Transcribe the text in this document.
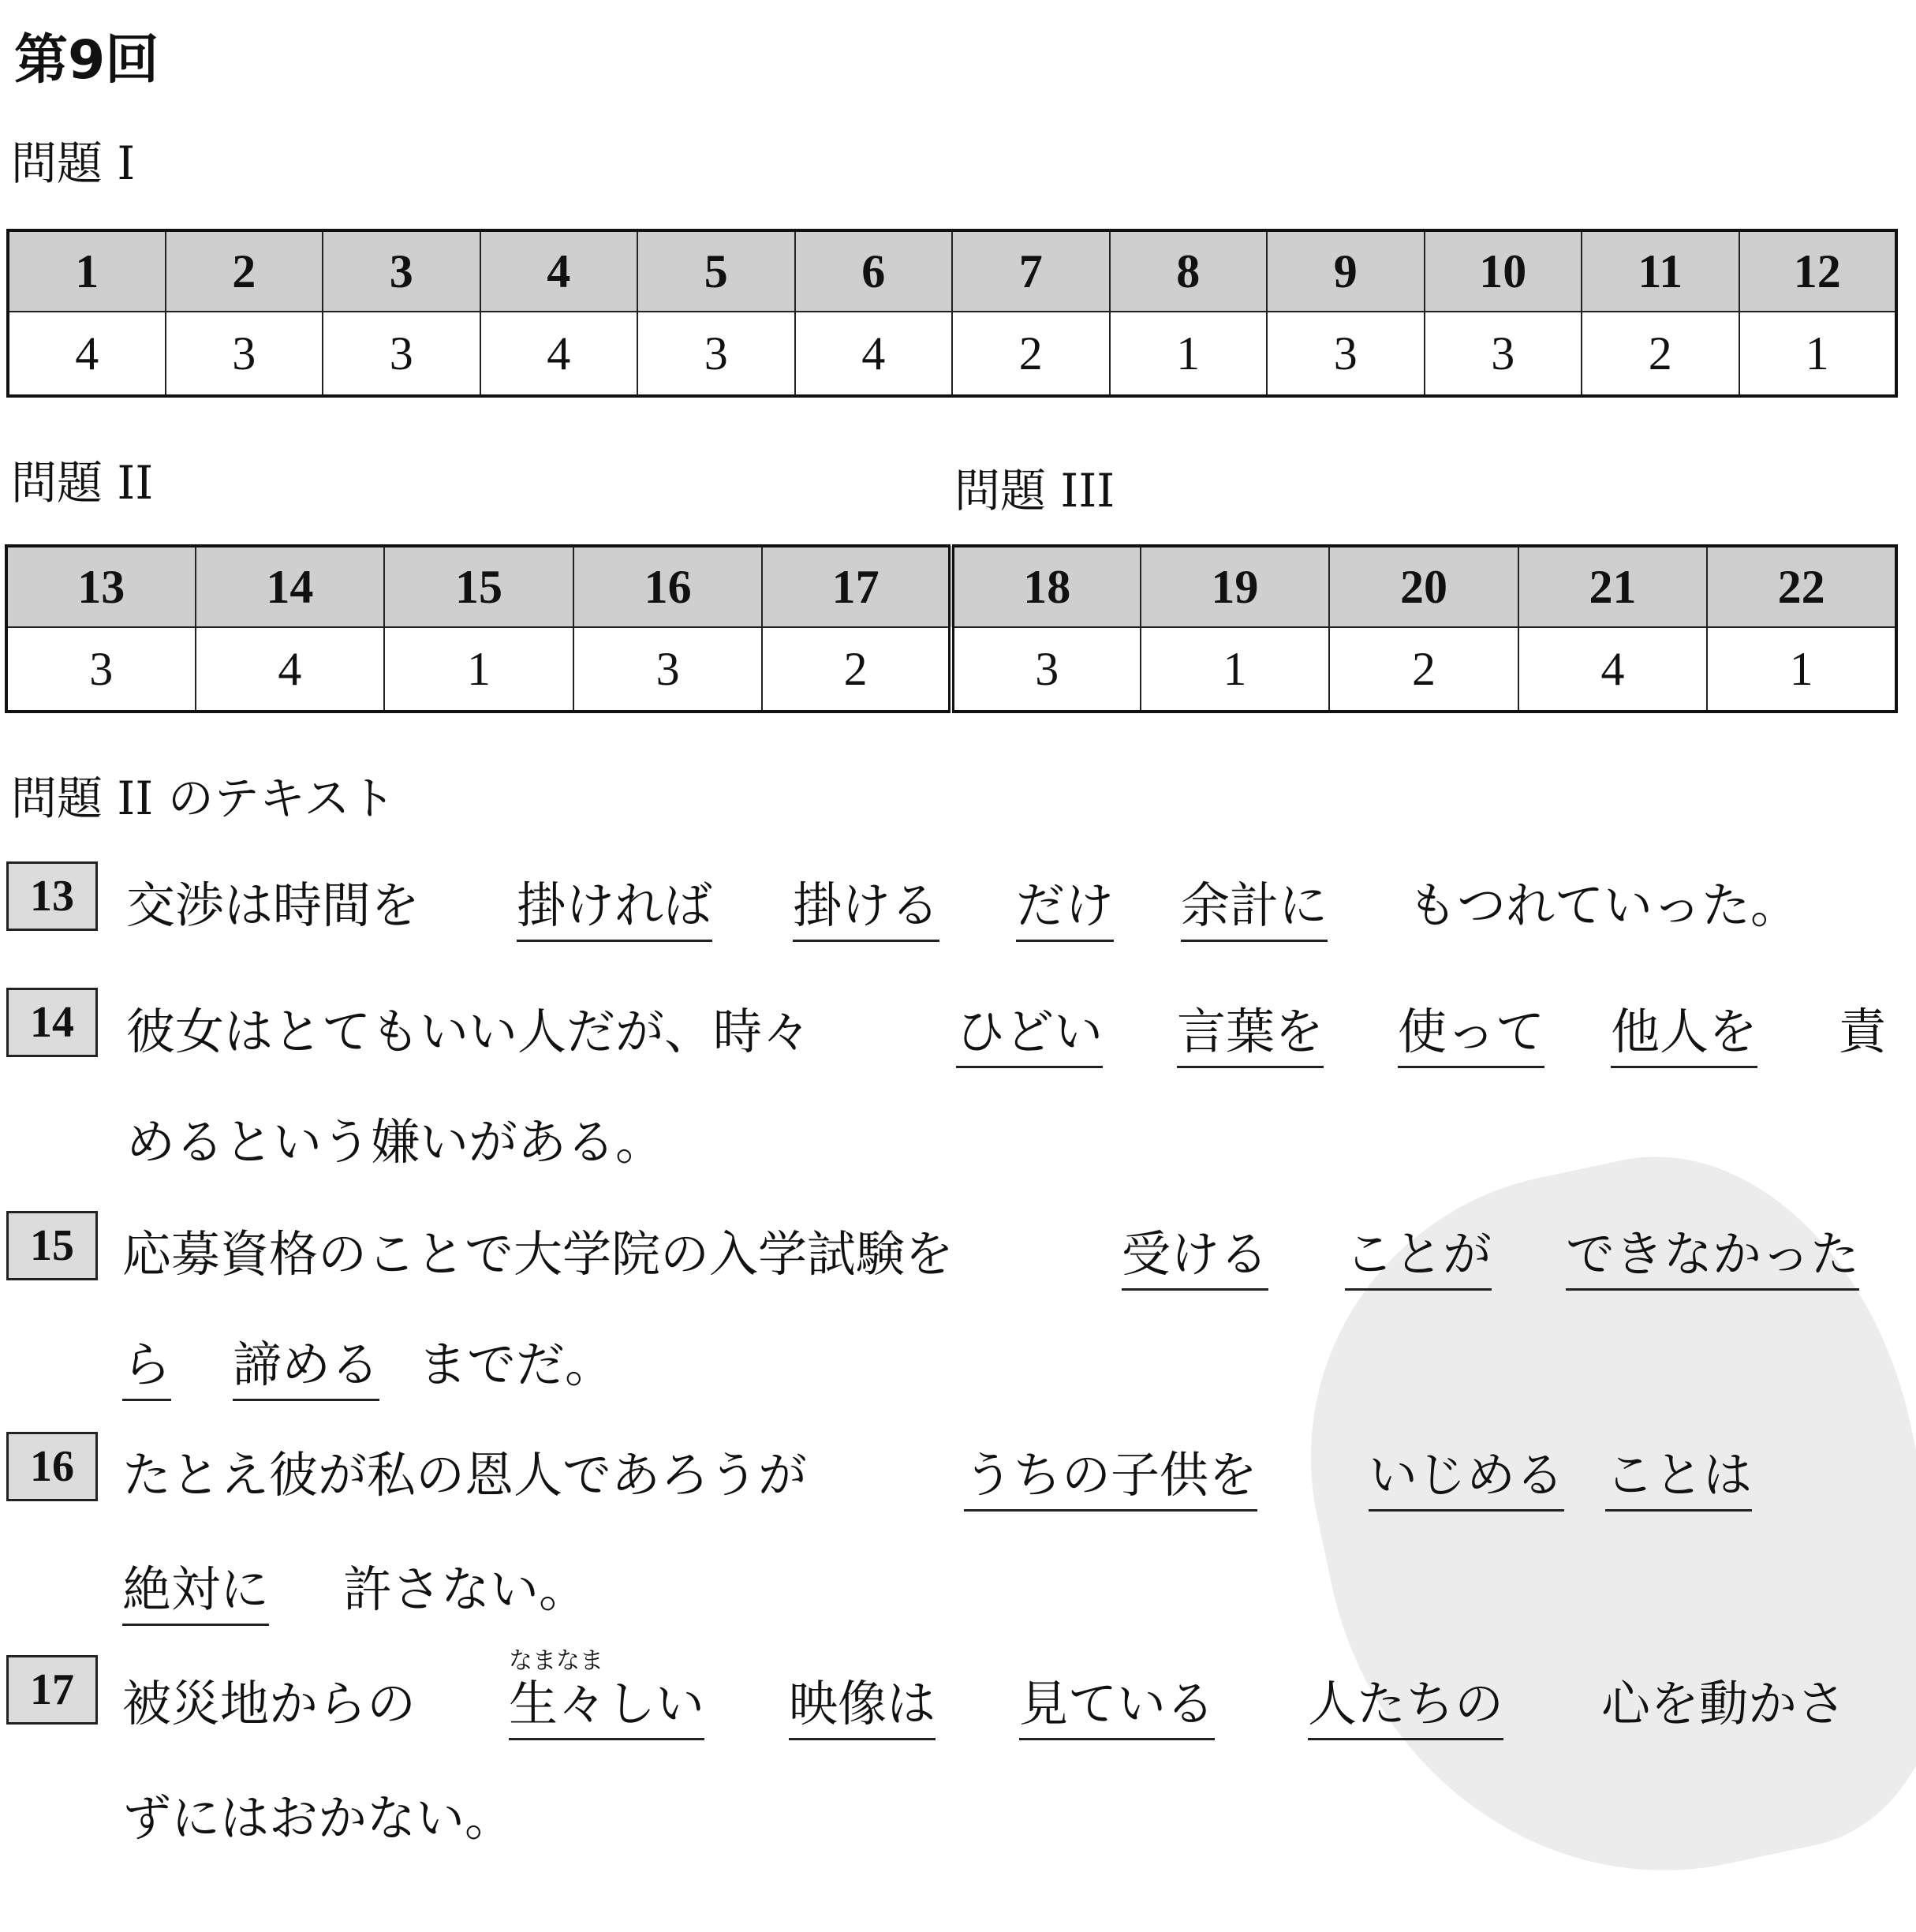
第9回
問題 I
1	2	3	4	5	6	7	8	9	10	11	12
4	3	3	4	3	4	2	1	3	3	2	1
問題 II	問題 III
13	14	15	16	17	18	19	20	21	22
3	4	1	3	2	3	1	2	4	1
問題 II のテキスト
13	交渉は時間を 掛ければ 掛ける だけ 余計に もつれていった。
14	彼女はとてもいい人だが、時々	ひどい 言葉を 使って 他人を 責
めるという嫌いがある。
15 応募資格のことで大学院の入学試験を	受ける ことが できなかった
ら 諦める までだ。
16 たとえ彼が私の恩人であろうが	うちの子供を いじめる ことは
絶対に 許さない。
17
なまなま
被災地からの 生々しい 映像は 見ている 人たちの 心を動かさ
ずにはおかない。
